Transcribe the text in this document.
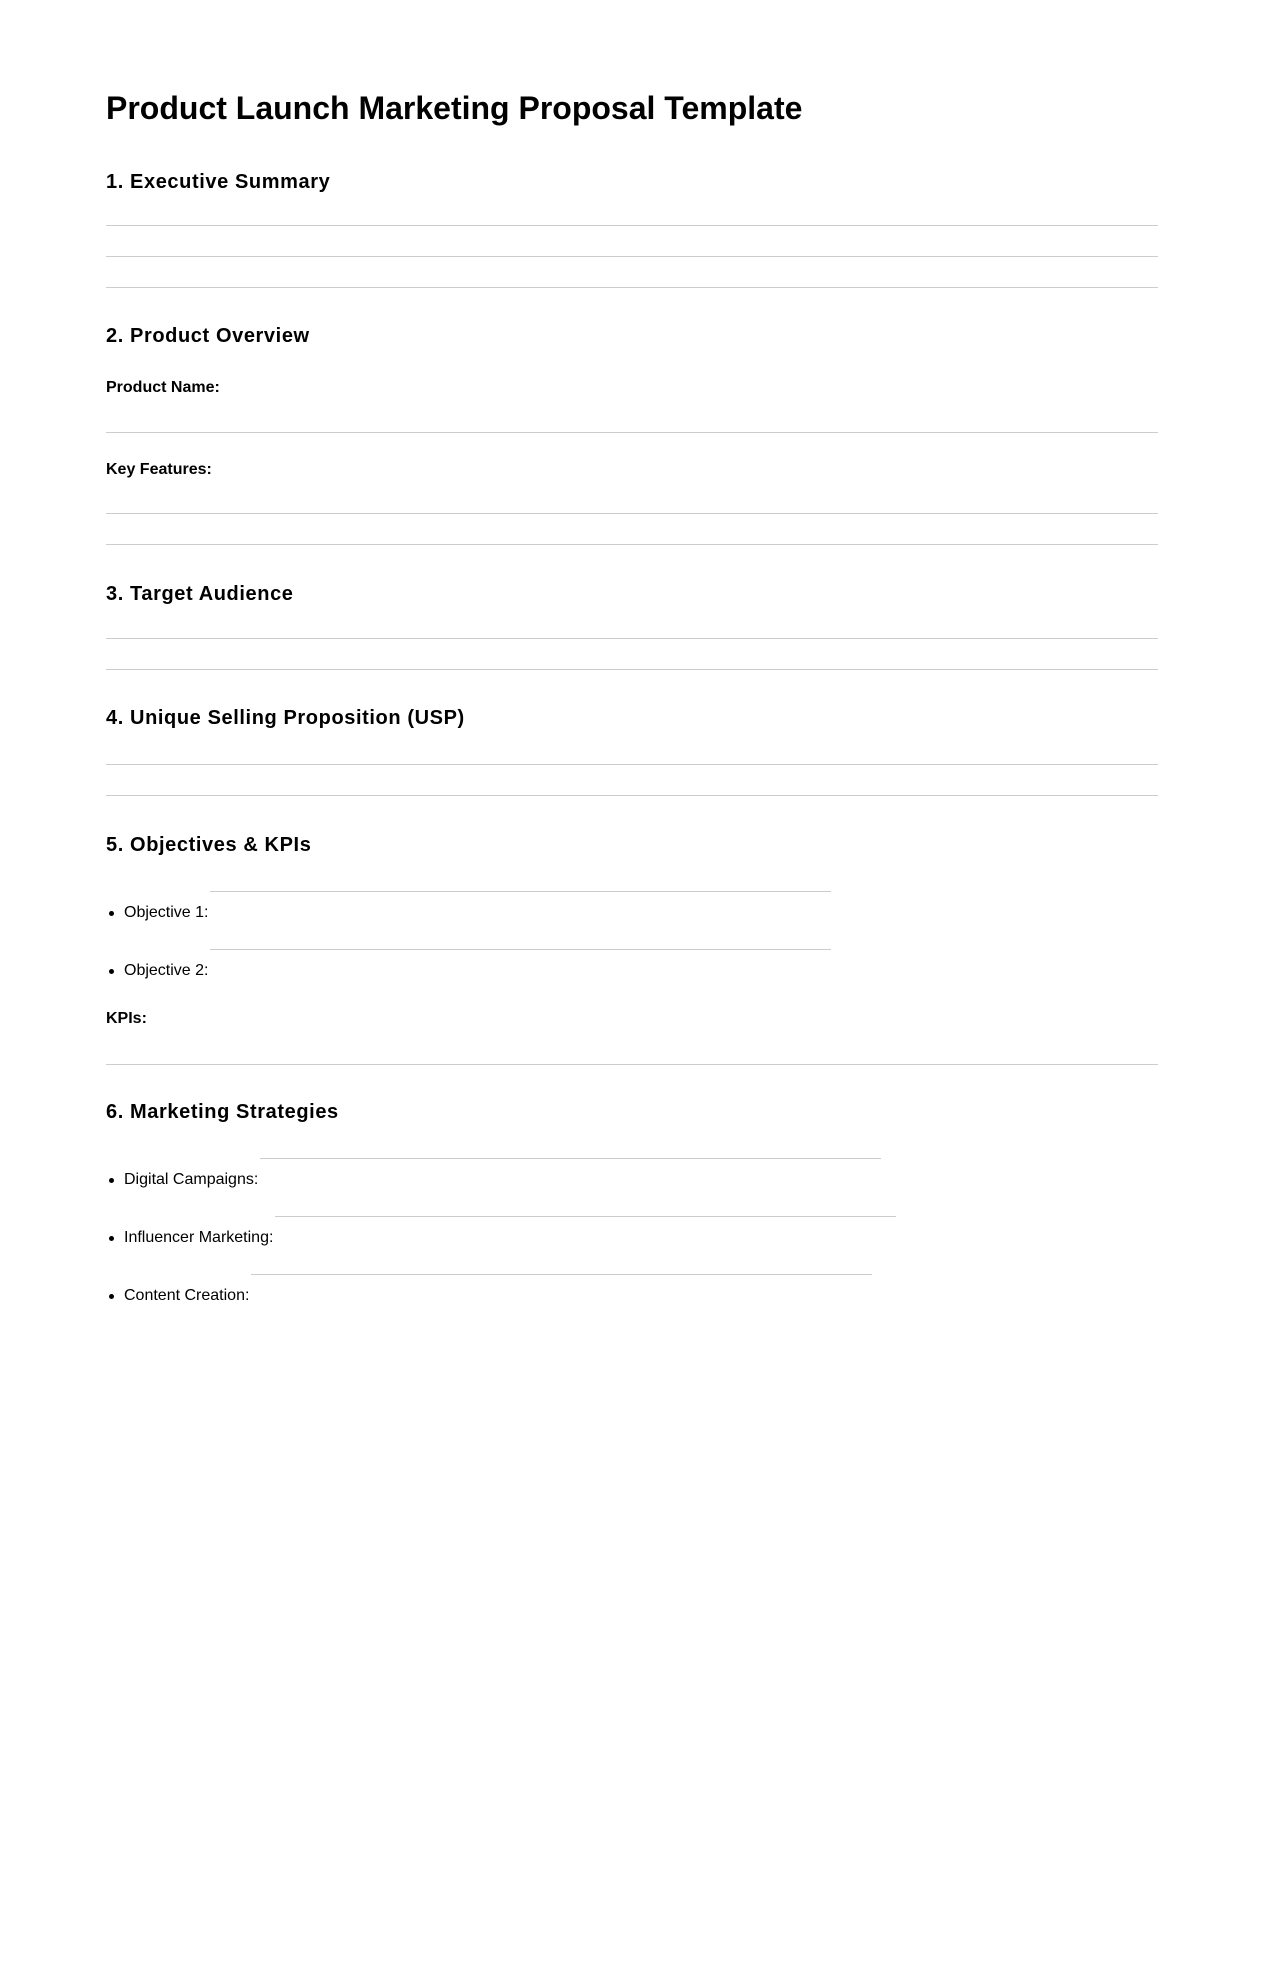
Product Launch Marketing Proposal Template
1. Executive Summary
2. Product Overview
Product Name:
Key Features:
3. Target Audience
4. Unique Selling Proposition (USP)
5. Objectives & KPIs
Objective 1:
Objective 2:
KPIs:
6. Marketing Strategies
Digital Campaigns:
Influencer Marketing:
Content Creation:
